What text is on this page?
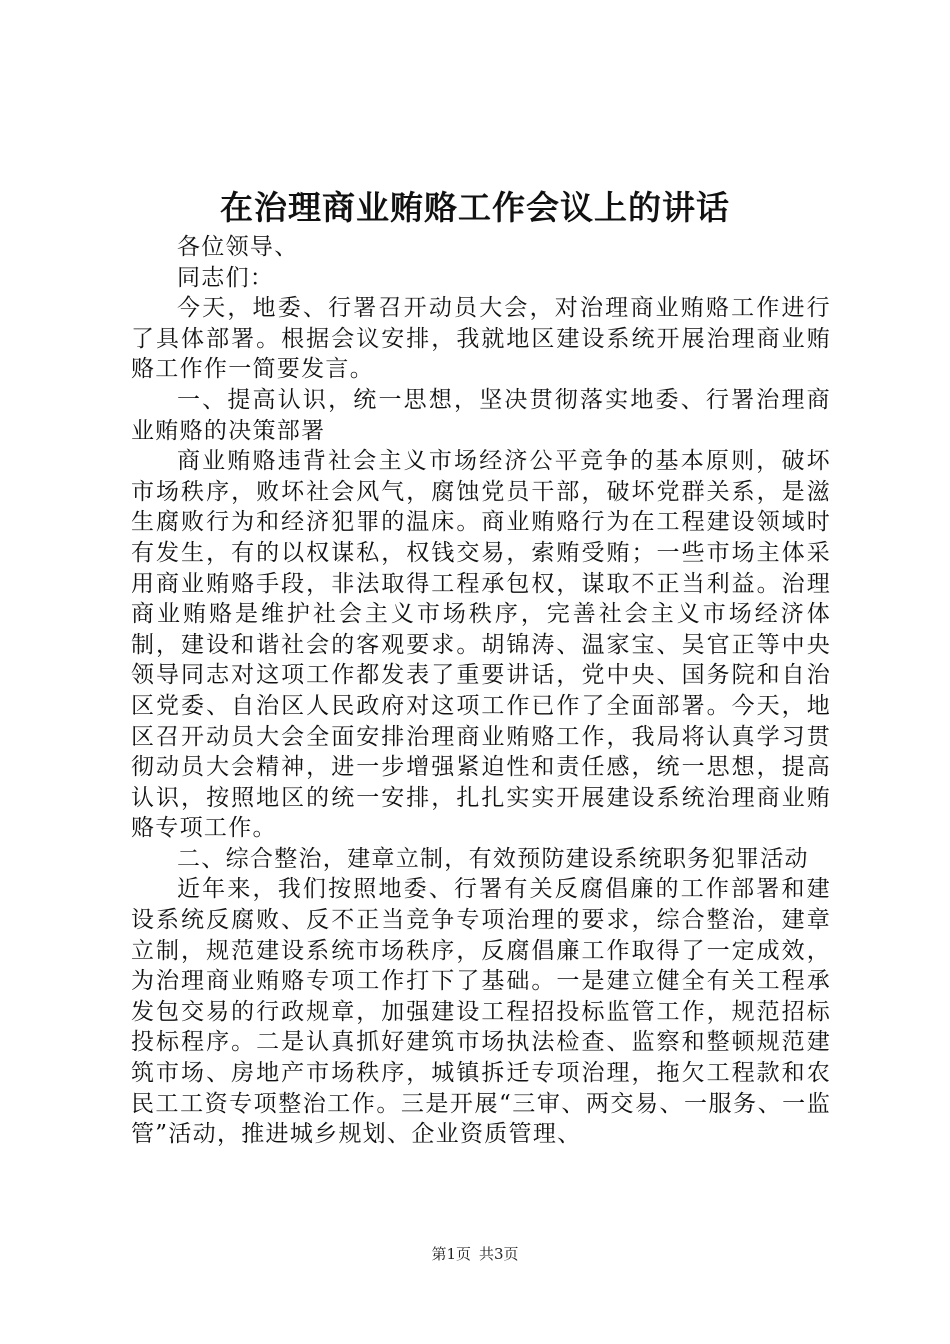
在治理商业贿赂工作会议上的讲话

各位领导、

同志们：

今天，地委、行署召开动员大会，对治理商业贿赂工作进行了具体部署。根据会议安排，我就地区建设系统开展治理商业贿赂工作作一简要发言。

一、提高认识，统一思想，坚决贯彻落实地委、行署治理商业贿赂的决策部署

商业贿赂违背社会主义市场经济公平竞争的基本原则，破坏市场秩序，败坏社会风气，腐蚀党员干部，破坏党群关系，是滋生腐败行为和经济犯罪的温床。商业贿赂行为在工程建设领域时有发生，有的以权谋私，权钱交易，索贿受贿；一些市场主体采用商业贿赂手段，非法取得工程承包权，谋取不正当利益。治理商业贿赂是维护社会主义市场秩序，完善社会主义市场经济体制，建设和谐社会的客观要求。胡锦涛、温家宝、吴官正等中央领导同志对这项工作都发表了重要讲话，党中央、国务院和自治区党委、自治区人民政府对这项工作已作了全面部署。今天，地区召开动员大会全面安排治理商业贿赂工作，我局将认真学习贯彻动员大会精神，进一步增强紧迫性和责任感，统一思想，提高认识，按照地区的统一安排，扎扎实实开展建设系统治理商业贿赂专项工作。

二、综合整治，建章立制，有效预防建设系统职务犯罪活动

近年来，我们按照地委、行署有关反腐倡廉的工作部署和建设系统反腐败、反不正当竞争专项治理的要求，综合整治，建章立制，规范建设系统市场秩序，反腐倡廉工作取得了一定成效，为治理商业贿赂专项工作打下了基础。一是建立健全有关工程承发包交易的行政规章，加强建设工程招投标监管工作，规范招标投标程序。二是认真抓好建筑市场执法检查、监察和整顿规范建筑市场、房地产市场秩序，城镇拆迁专项治理，拖欠工程款和农民工工资专项整治工作。三是开展“三审、两交易、一服务、一监管”活动，推进城乡规划、企业资质管理、

第1页 共3页
